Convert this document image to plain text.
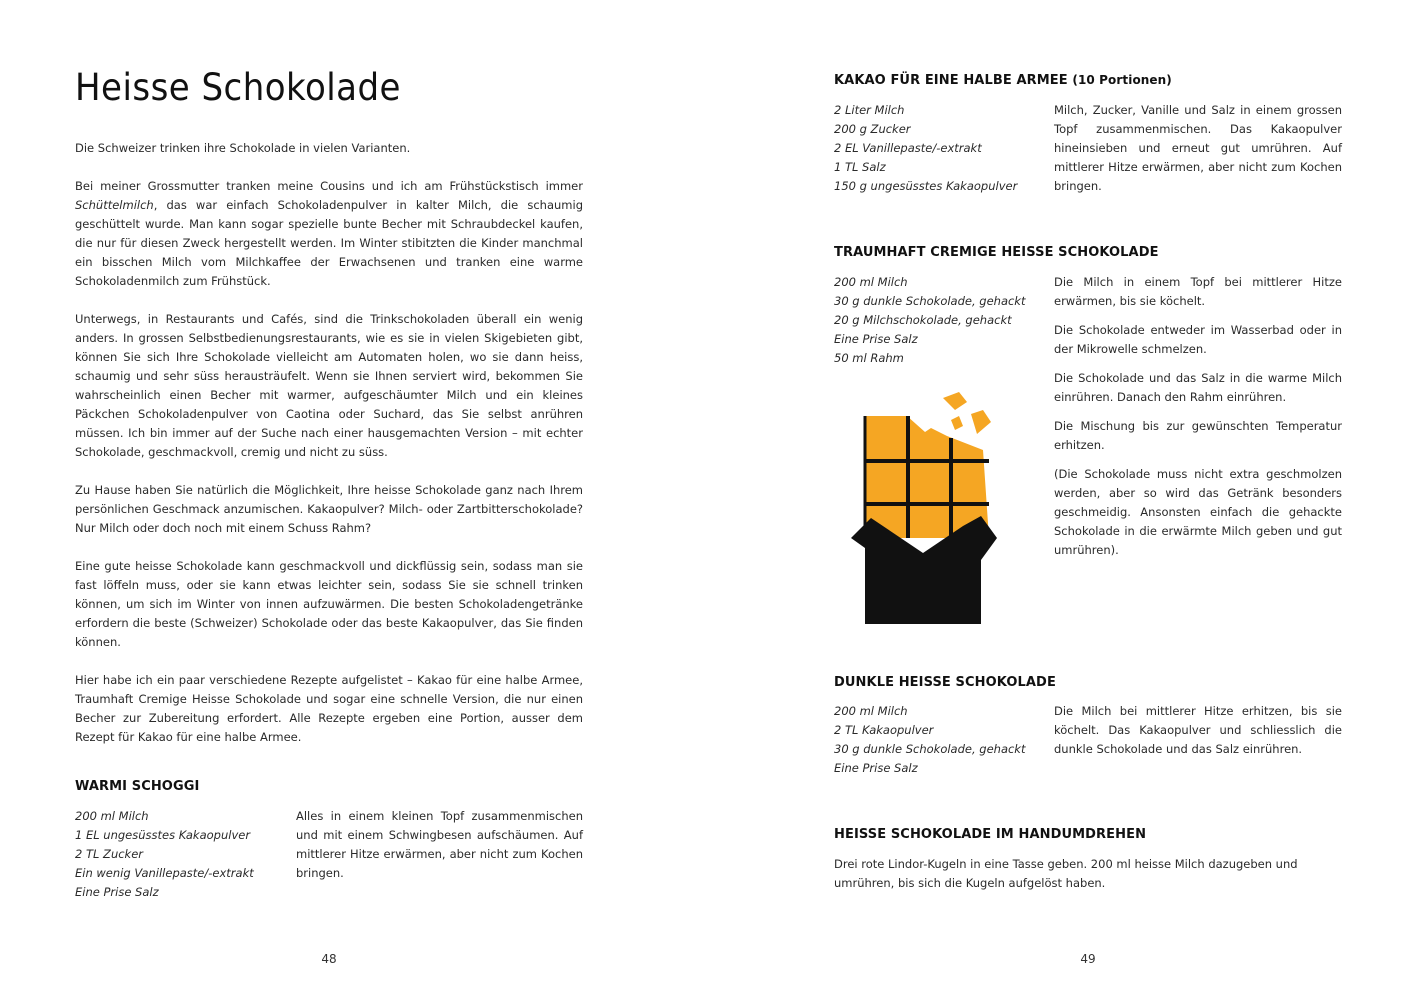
Heisse Schokolade

Die Schweizer trinken ihre Schokolade in vielen Varianten.

Bei meiner Grossmutter tranken meine Cousins und ich am Frühstückstisch immer Schüttelmilch, das war einfach Schokoladenpulver in kalter Milch, die schaumig geschüttelt wurde. Man kann sogar spezielle bunte Becher mit Schraubdeckel kaufen, die nur für diesen Zweck hergestellt werden. Im Winter stibitzten die Kinder manchmal ein bisschen Milch vom Milchkaffee der Erwachsenen und tranken eine warme Schokoladenmilch zum Frühstück.

Unterwegs, in Restaurants und Cafés, sind die Trinkschokoladen überall ein wenig anders. In grossen Selbstbedienungsrestaurants, wie es sie in vielen Skigebieten gibt, können Sie sich Ihre Schokolade vielleicht am Automaten holen, wo sie dann heiss, schaumig und sehr süss herausträufelt. Wenn sie Ihnen serviert wird, bekommen Sie wahrscheinlich einen Becher mit warmer, aufgeschäumter Milch und ein kleines Päckchen Schokoladenpulver von Caotina oder Suchard, das Sie selbst anrühren müssen. Ich bin immer auf der Suche nach einer hausgemachten Version – mit echter Schokolade, geschmackvoll, cremig und nicht zu süss.

Zu Hause haben Sie natürlich die Möglichkeit, Ihre heisse Schokolade ganz nach Ihrem persönlichen Geschmack anzumischen. Kakaopulver? Milch- oder Zartbitterschokolade? Nur Milch oder doch noch mit einem Schuss Rahm?

Eine gute heisse Schokolade kann geschmackvoll und dickflüssig sein, sodass man sie fast löffeln muss, oder sie kann etwas leichter sein, sodass Sie sie schnell trinken können, um sich im Winter von innen aufzuwärmen. Die besten Schokoladengetränke erfordern die beste (Schweizer) Schokolade oder das beste Kakaopulver, das Sie finden können.

Hier habe ich ein paar verschiedene Rezepte aufgelistet – Kakao für eine halbe Armee, Traumhaft Cremige Heisse Schokolade und sogar eine schnelle Version, die nur einen Becher zur Zubereitung erfordert. Alle Rezepte ergeben eine Portion, ausser dem Rezept für Kakao für eine halbe Armee.

WARMI SCHOGGI
200 ml Milch
1 EL ungesüsstes Kakaopulver
2 TL Zucker
Ein wenig Vanillepaste/-extrakt
Eine Prise Salz

Alles in einem kleinen Topf zusammenmischen und mit einem Schwingbesen aufschäumen. Auf mittlerer Hitze erwärmen, aber nicht zum Kochen bringen.

48
KAKAO FÜR EINE HALBE ARMEE (10 Portionen)
2 Liter Milch
200 g Zucker
2 EL Vanillepaste/-extrakt
1 TL Salz
150 g ungesüsstes Kakaopulver

Milch, Zucker, Vanille und Salz in einem grossen Topf zusammenmischen. Das Kakaopulver hineinsieben und erneut gut umrühren. Auf mittlerer Hitze erwärmen, aber nicht zum Kochen bringen.

TRAUMHAFT CREMIGE HEISSE SCHOKOLADE
200 ml Milch
30 g dunkle Schokolade, gehackt
20 g Milchschokolade, gehackt
Eine Prise Salz
50 ml Rahm

Die Milch in einem Topf bei mittlerer Hitze erwärmen, bis sie köchelt.

Die Schokolade entweder im Wasserbad oder in der Mikrowelle schmelzen.

Die Schokolade und das Salz in die warme Milch einrühren. Danach den Rahm einrühren.

Die Mischung bis zur gewünschten Temperatur erhitzen.

(Die Schokolade muss nicht extra geschmolzen werden, aber so wird das Getränk besonders geschmeidig. Ansonsten einfach die gehackte Schokolade in die erwärmte Milch geben und gut umrühren).

DUNKLE HEISSE SCHOKOLADE
200 ml Milch
2 TL Kakaopulver
30 g dunkle Schokolade, gehackt
Eine Prise Salz

Die Milch bei mittlerer Hitze erhitzen, bis sie köchelt. Das Kakaopulver und schliesslich die dunkle Schokolade und das Salz einrühren.

HEISSE SCHOKOLADE IM HANDUMDREHEN

Drei rote Lindor-Kugeln in eine Tasse geben. 200 ml heisse Milch dazugeben und umrühren, bis sich die Kugeln aufgelöst haben.

49
